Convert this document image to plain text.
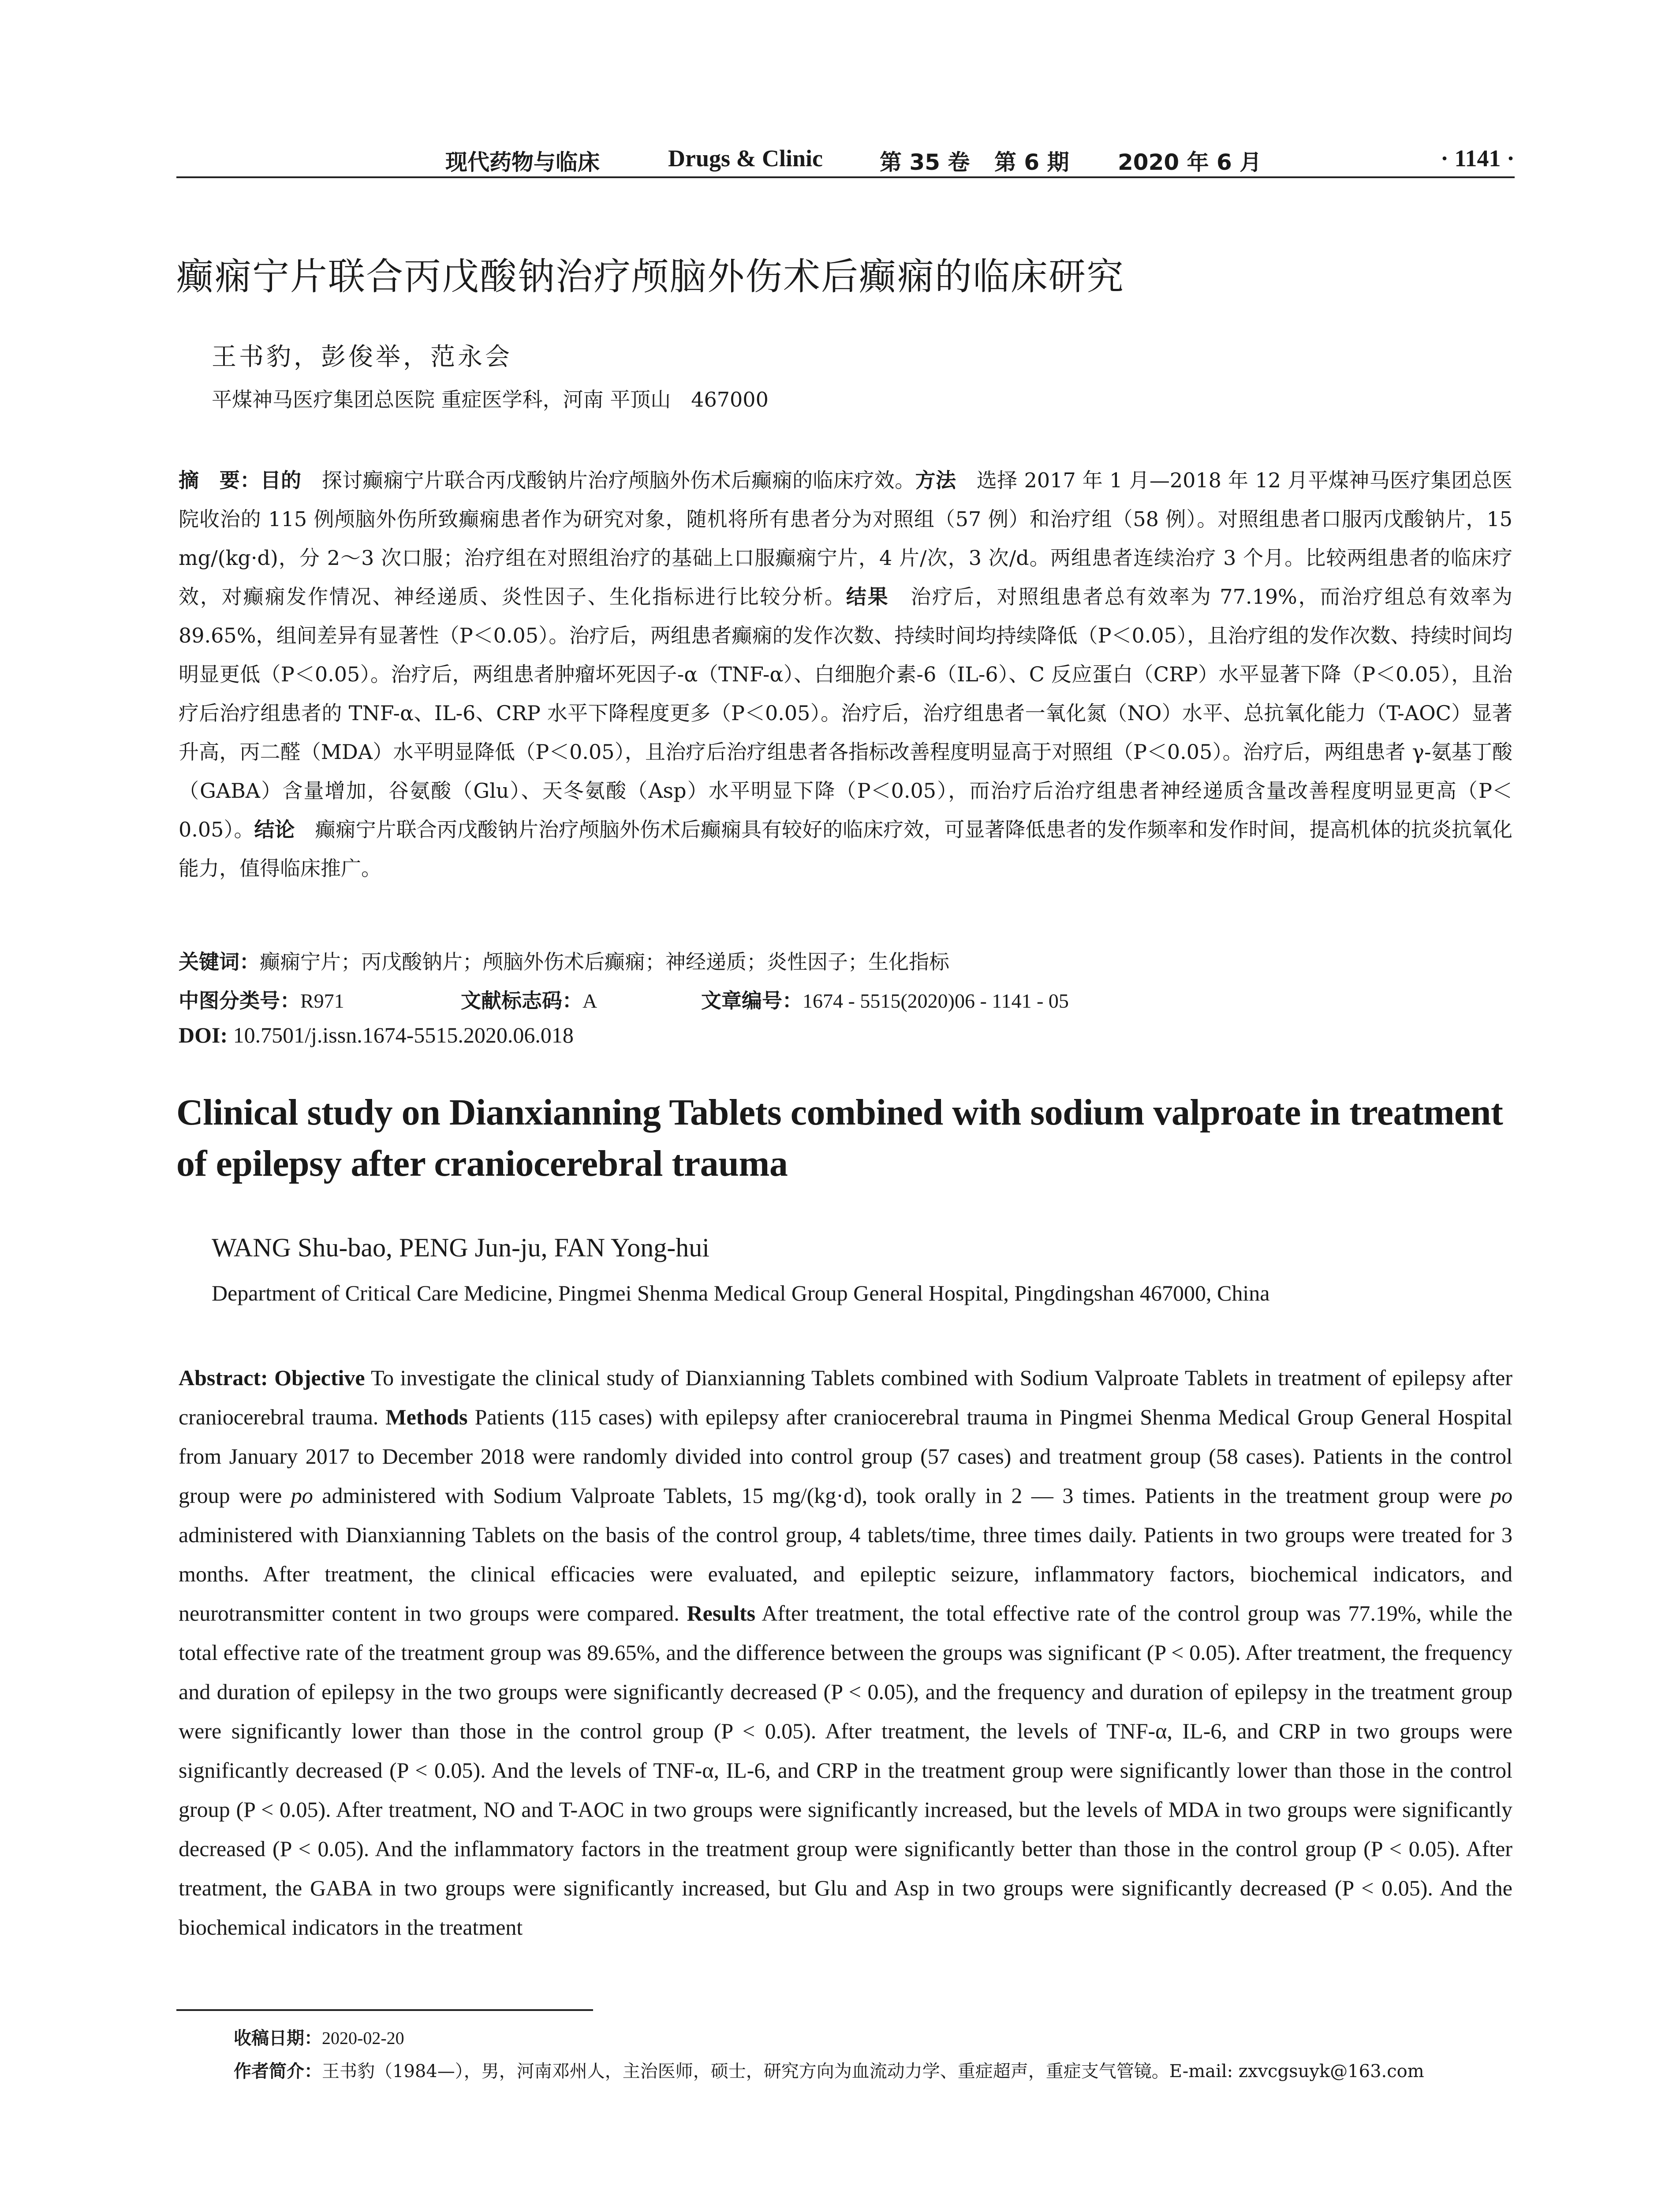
现代药物与临床	Drugs & Clinic	第 35 卷 第 6 期 2020 年 6 月	· 1141 ·
癫痫宁片联合丙戊酸钠治疗颅脑外伤术后癫痫的临床研究
王书豹，彭俊举，范永会
平煤神马医疗集团总医院 重症医学科，河南 平顶山　467000
摘　要：目的　探讨癫痫宁片联合丙戊酸钠片治疗颅脑外伤术后癫痫的临床疗效。方法　选择 2017 年 1 月—2018 年 12 月平煤神马医疗集团总医院收治的 115 例颅脑外伤所致癫痫患者作为研究对象，随机将所有患者分为对照组（57 例）和治疗组（58 例）。对照组患者口服丙戊酸钠片，15 mg/(kg·d)，分 2～3 次口服；治疗组在对照组治疗的基础上口服癫痫宁片，4 片/次，3 次/d。两组患者连续治疗 3 个月。比较两组患者的临床疗效，对癫痫发作情况、神经递质、炎性因子、生化指标进行比较分析。结果　治疗后，对照组患者总有效率为 77.19%，而治疗组总有效率为 89.65%，组间差异有显著性（P＜0.05）。治疗后，两组患者癫痫的发作次数、持续时间均持续降低（P＜0.05），且治疗组的发作次数、持续时间均明显更低（P＜0.05）。治疗后，两组患者肿瘤坏死因子-α（TNF-α）、白细胞介素-6（IL-6）、C 反应蛋白（CRP）水平显著下降（P＜0.05），且治疗后治疗组患者的 TNF-α、IL-6、CRP 水平下降程度更多（P＜0.05）。治疗后，治疗组患者一氧化氮（NO）水平、总抗氧化能力（T-AOC）显著升高，丙二醛（MDA）水平明显降低（P＜0.05），且治疗后治疗组患者各指标改善程度明显高于对照组（P＜0.05）。治疗后，两组患者 γ-氨基丁酸（GABA）含量增加，谷氨酸（Glu）、天冬氨酸（Asp）水平明显下降（P＜0.05），而治疗后治疗组患者神经递质含量改善程度明显更高（P＜0.05）。结论　癫痫宁片联合丙戊酸钠片治疗颅脑外伤术后癫痫具有较好的临床疗效，可显著降低患者的发作频率和发作时间，提高机体的抗炎抗氧化能力，值得临床推广。
关键词：癫痫宁片；丙戊酸钠片；颅脑外伤术后癫痫；神经递质；炎性因子；生化指标
中图分类号：R971	文献标志码：A	文章编号：1674 - 5515(2020)06 - 1141 - 05
DOI: 10.7501/j.issn.1674-5515.2020.06.018
Clinical study on Dianxianning Tablets combined with sodium valproate in treatment of epilepsy after craniocerebral trauma
WANG Shu-bao, PENG Jun-ju, FAN Yong-hui
Department of Critical Care Medicine, Pingmei Shenma Medical Group General Hospital, Pingdingshan 467000, China
Abstract: Objective To investigate the clinical study of Dianxianning Tablets combined with Sodium Valproate Tablets in treatment of epilepsy after craniocerebral trauma. Methods Patients (115 cases) with epilepsy after craniocerebral trauma in Pingmei Shenma Medical Group General Hospital from January 2017 to December 2018 were randomly divided into control group (57 cases) and treatment group (58 cases). Patients in the control group were po administered with Sodium Valproate Tablets, 15 mg/(kg·d), took orally in 2 — 3 times. Patients in the treatment group were po administered with Dianxianning Tablets on the basis of the control group, 4 tablets/time, three times daily. Patients in two groups were treated for 3 months. After treatment, the clinical efficacies were evaluated, and epileptic seizure, inflammatory factors, biochemical indicators, and neurotransmitter content in two groups were compared. Results After treatment, the total effective rate of the control group was 77.19%, while the total effective rate of the treatment group was 89.65%, and the difference between the groups was significant (P < 0.05). After treatment, the frequency and duration of epilepsy in the two groups were significantly decreased (P < 0.05), and the frequency and duration of epilepsy in the treatment group were significantly lower than those in the control group (P < 0.05). After treatment, the levels of TNF-α, IL-6, and CRP in two groups were significantly decreased (P < 0.05). And the levels of TNF-α, IL-6, and CRP in the treatment group were significantly lower than those in the control group (P < 0.05). After treatment, NO and T-AOC in two groups were significantly increased, but the levels of MDA in two groups were significantly decreased (P < 0.05). And the inflammatory factors in the treatment group were significantly better than those in the control group (P < 0.05). After treatment, the GABA in two groups were significantly increased, but Glu and Asp in two groups were significantly decreased (P < 0.05). And the biochemical indicators in the treatment
收稿日期：2020-02-20
作者简介：王书豹（1984—），男，河南邓州人，主治医师，硕士，研究方向为血流动力学、重症超声，重症支气管镜。E-mail: zxvcgsuyk@163.com
